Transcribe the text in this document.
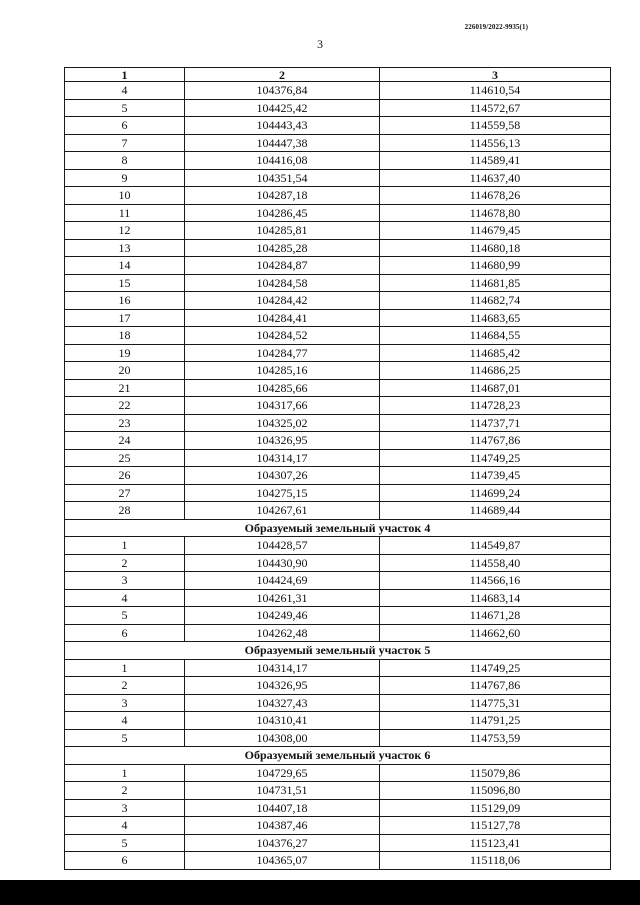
226019/2022-9935(1)
3
1	2	3
4	104376,84	114610,54
5	104425,42	114572,67
6	104443,43	114559,58
7	104447,38	114556,13
8	104416,08	114589,41
9	104351,54	114637,40
10	104287,18	114678,26
11	104286,45	114678,80
12	104285,81	114679,45
13	104285,28	114680,18
14	104284,87	114680,99
15	104284,58	114681,85
16	104284,42	114682,74
17	104284,41	114683,65
18	104284,52	114684,55
19	104284,77	114685,42
20	104285,16	114686,25
21	104285,66	114687,01
22	104317,66	114728,23
23	104325,02	114737,71
24	104326,95	114767,86
25	104314,17	114749,25
26	104307,26	114739,45
27	104275,15	114699,24
28	104267,61	114689,44
Образуемый земельный участок 4		
1	104428,57	114549,87
2	104430,90	114558,40
3	104424,69	114566,16
4	104261,31	114683,14
5	104249,46	114671,28
6	104262,48	114662,60
Образуемый земельный участок 5		
1	104314,17	114749,25
2	104326,95	114767,86
3	104327,43	114775,31
4	104310,41	114791,25
5	104308,00	114753,59
Образуемый земельный участок 6		
1	104729,65	115079,86
2	104731,51	115096,80
3	104407,18	115129,09
4	104387,46	115127,78
5	104376,27	115123,41
6	104365,07	115118,06
